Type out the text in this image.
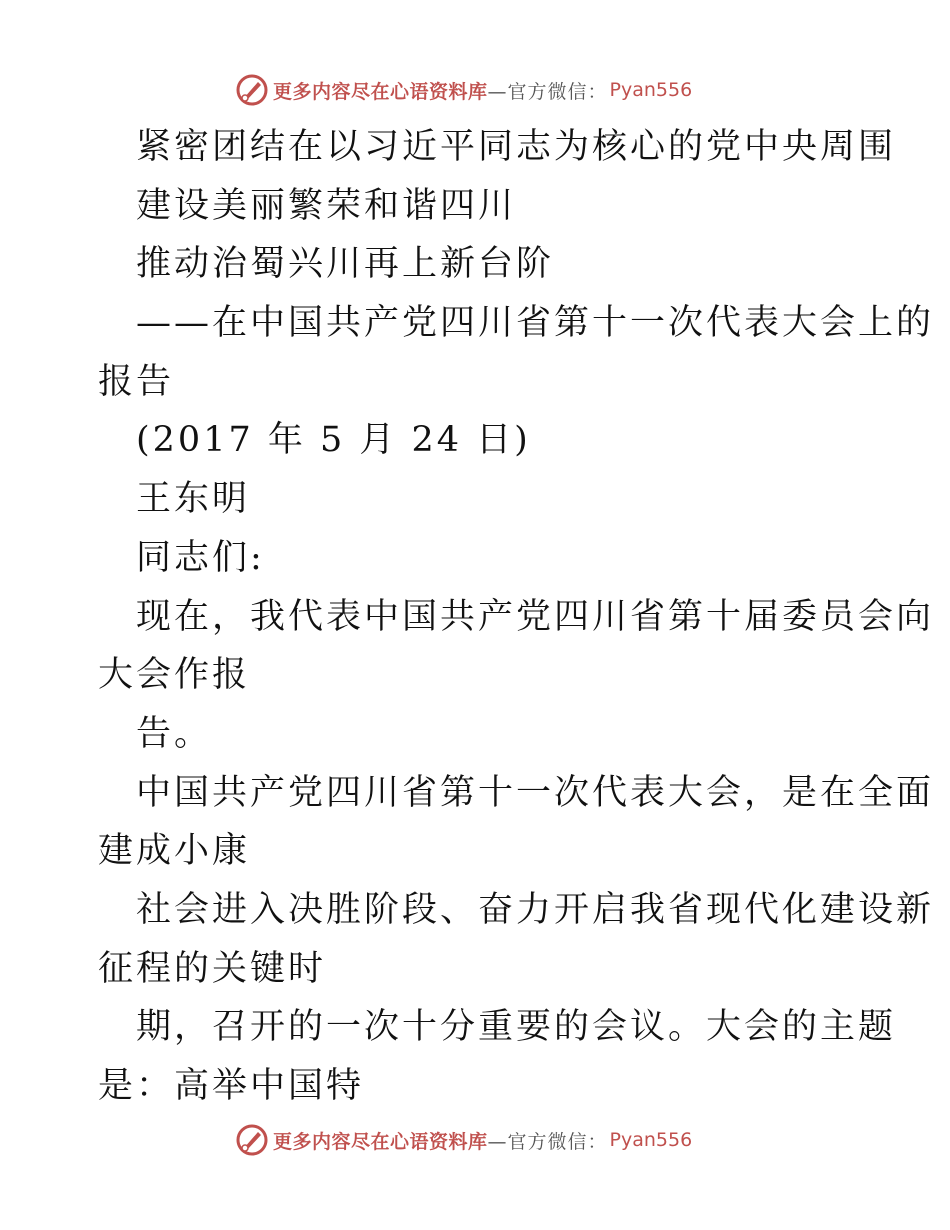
更多内容尽在心语资料库 —官方微信： Pyan556
紧密团结在以习近平同志为核心的党中央周围
建设美丽繁荣和谐四川
推动治蜀兴川再上新台阶
——在中国共产党四川省第十一次代表大会上的
报告
(2017 年 5 月 24 日)
王东明
同志们:
现在，我代表中国共产党四川省第十届委员会向
大会作报
告。
中国共产党四川省第十一次代表大会，是在全面
建成小康
社会进入决胜阶段、奋力开启我省现代化建设新
征程的关键时
期，召开的一次十分重要的会议。大会的主题
是：高举中国特
更多内容尽在心语资料库 —官方微信： Pyan556
